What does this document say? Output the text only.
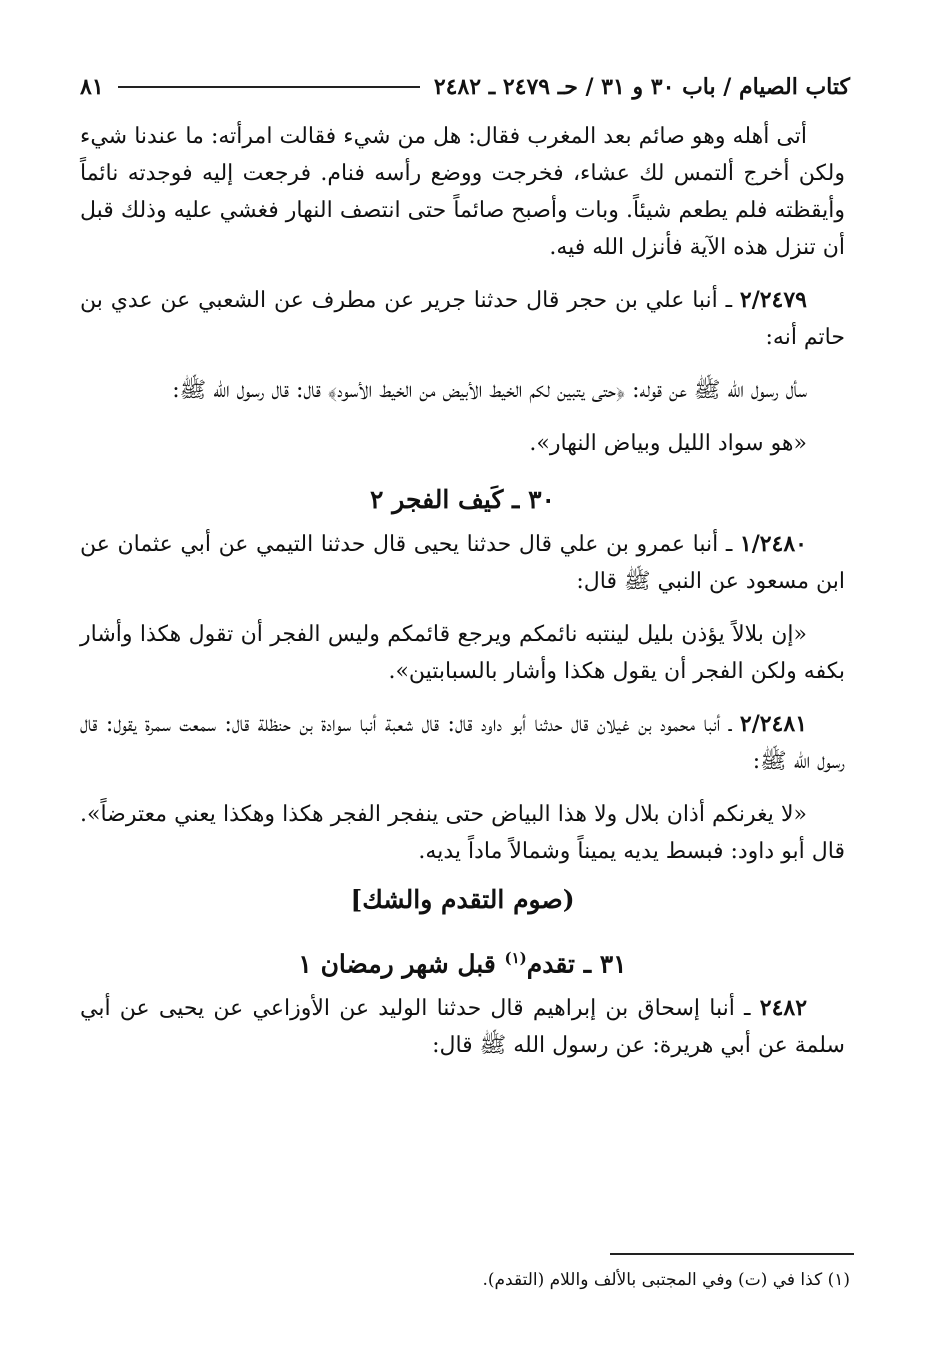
كتاب الصيام / باب ٣٠ و ٣١ / حـ ٢٤٧٩ ـ ٢٤٨٢
٨١

أتى أهله وهو صائم بعد المغرب فقال: هل من شيء فقالت امرأته: ما عندنا شيء ولكن أخرج ألتمس لك عشاء، فخرجت ووضع رأسه فنام. فرجعت إليه فوجدته نائماً وأيقظته فلم يطعم شيئاً. وبات وأصبح صائماً حتى انتصف النهار فغشي عليه وذلك قبل أن تنزل هذه الآية فأنزل الله فيه.

٢/٢٤٧٩ ـ أنبا علي بن حجر قال حدثنا جرير عن مطرف عن الشعبي عن عدي بن حاتم أنه:

سأل رسول الله ﷺ عن قوله: ﴿حتى يتبين لكم الخيط الأبيض من الخيط الأسود﴾ قال: قال رسول الله ﷺ:

«هو سواد الليل وبياض النهار».

٣٠ ـ كَيف الفجر ٢

١/٢٤٨٠ ـ أنبا عمرو بن علي قال حدثنا يحيى قال حدثنا التيمي عن أبي عثمان عن ابن مسعود عن النبي ﷺ قال:

«إن بلالاً يؤذن بليل لينتبه نائمكم ويرجع قائمكم وليس الفجر أن تقول هكذا وأشار بكفه ولكن الفجر أن يقول هكذا وأشار بالسبابتين».

٢/٢٤٨١ ـ أنبا محمود بن غيلان قال حدثنا أبو داود قال: قال شعبة أنبا سوادة بن حنظلة قال: سمعت سمرة يقول: قال رسول الله ﷺ:

«لا يغرنكم أذان بلال ولا هذا البياض حتى ينفجر الفجر هكذا وهكذا يعني معترضاً». قال أبو داود: فبسط يديه يميناً وشمالاً ماداً يديه.

(صوم التقدم والشك]
٣١ ـ تقدم$^{(١)}$ قبل شهر رمضان ١

٢٤٨٢ ـ أنبا إسحاق بن إبراهيم قال حدثنا الوليد عن الأوزاعي عن يحيى عن أبي سلمة عن أبي هريرة: عن رسول الله ﷺ قال:

(١) كذا في (ت) وفي المجتبى بالألف واللام (التقدم).
